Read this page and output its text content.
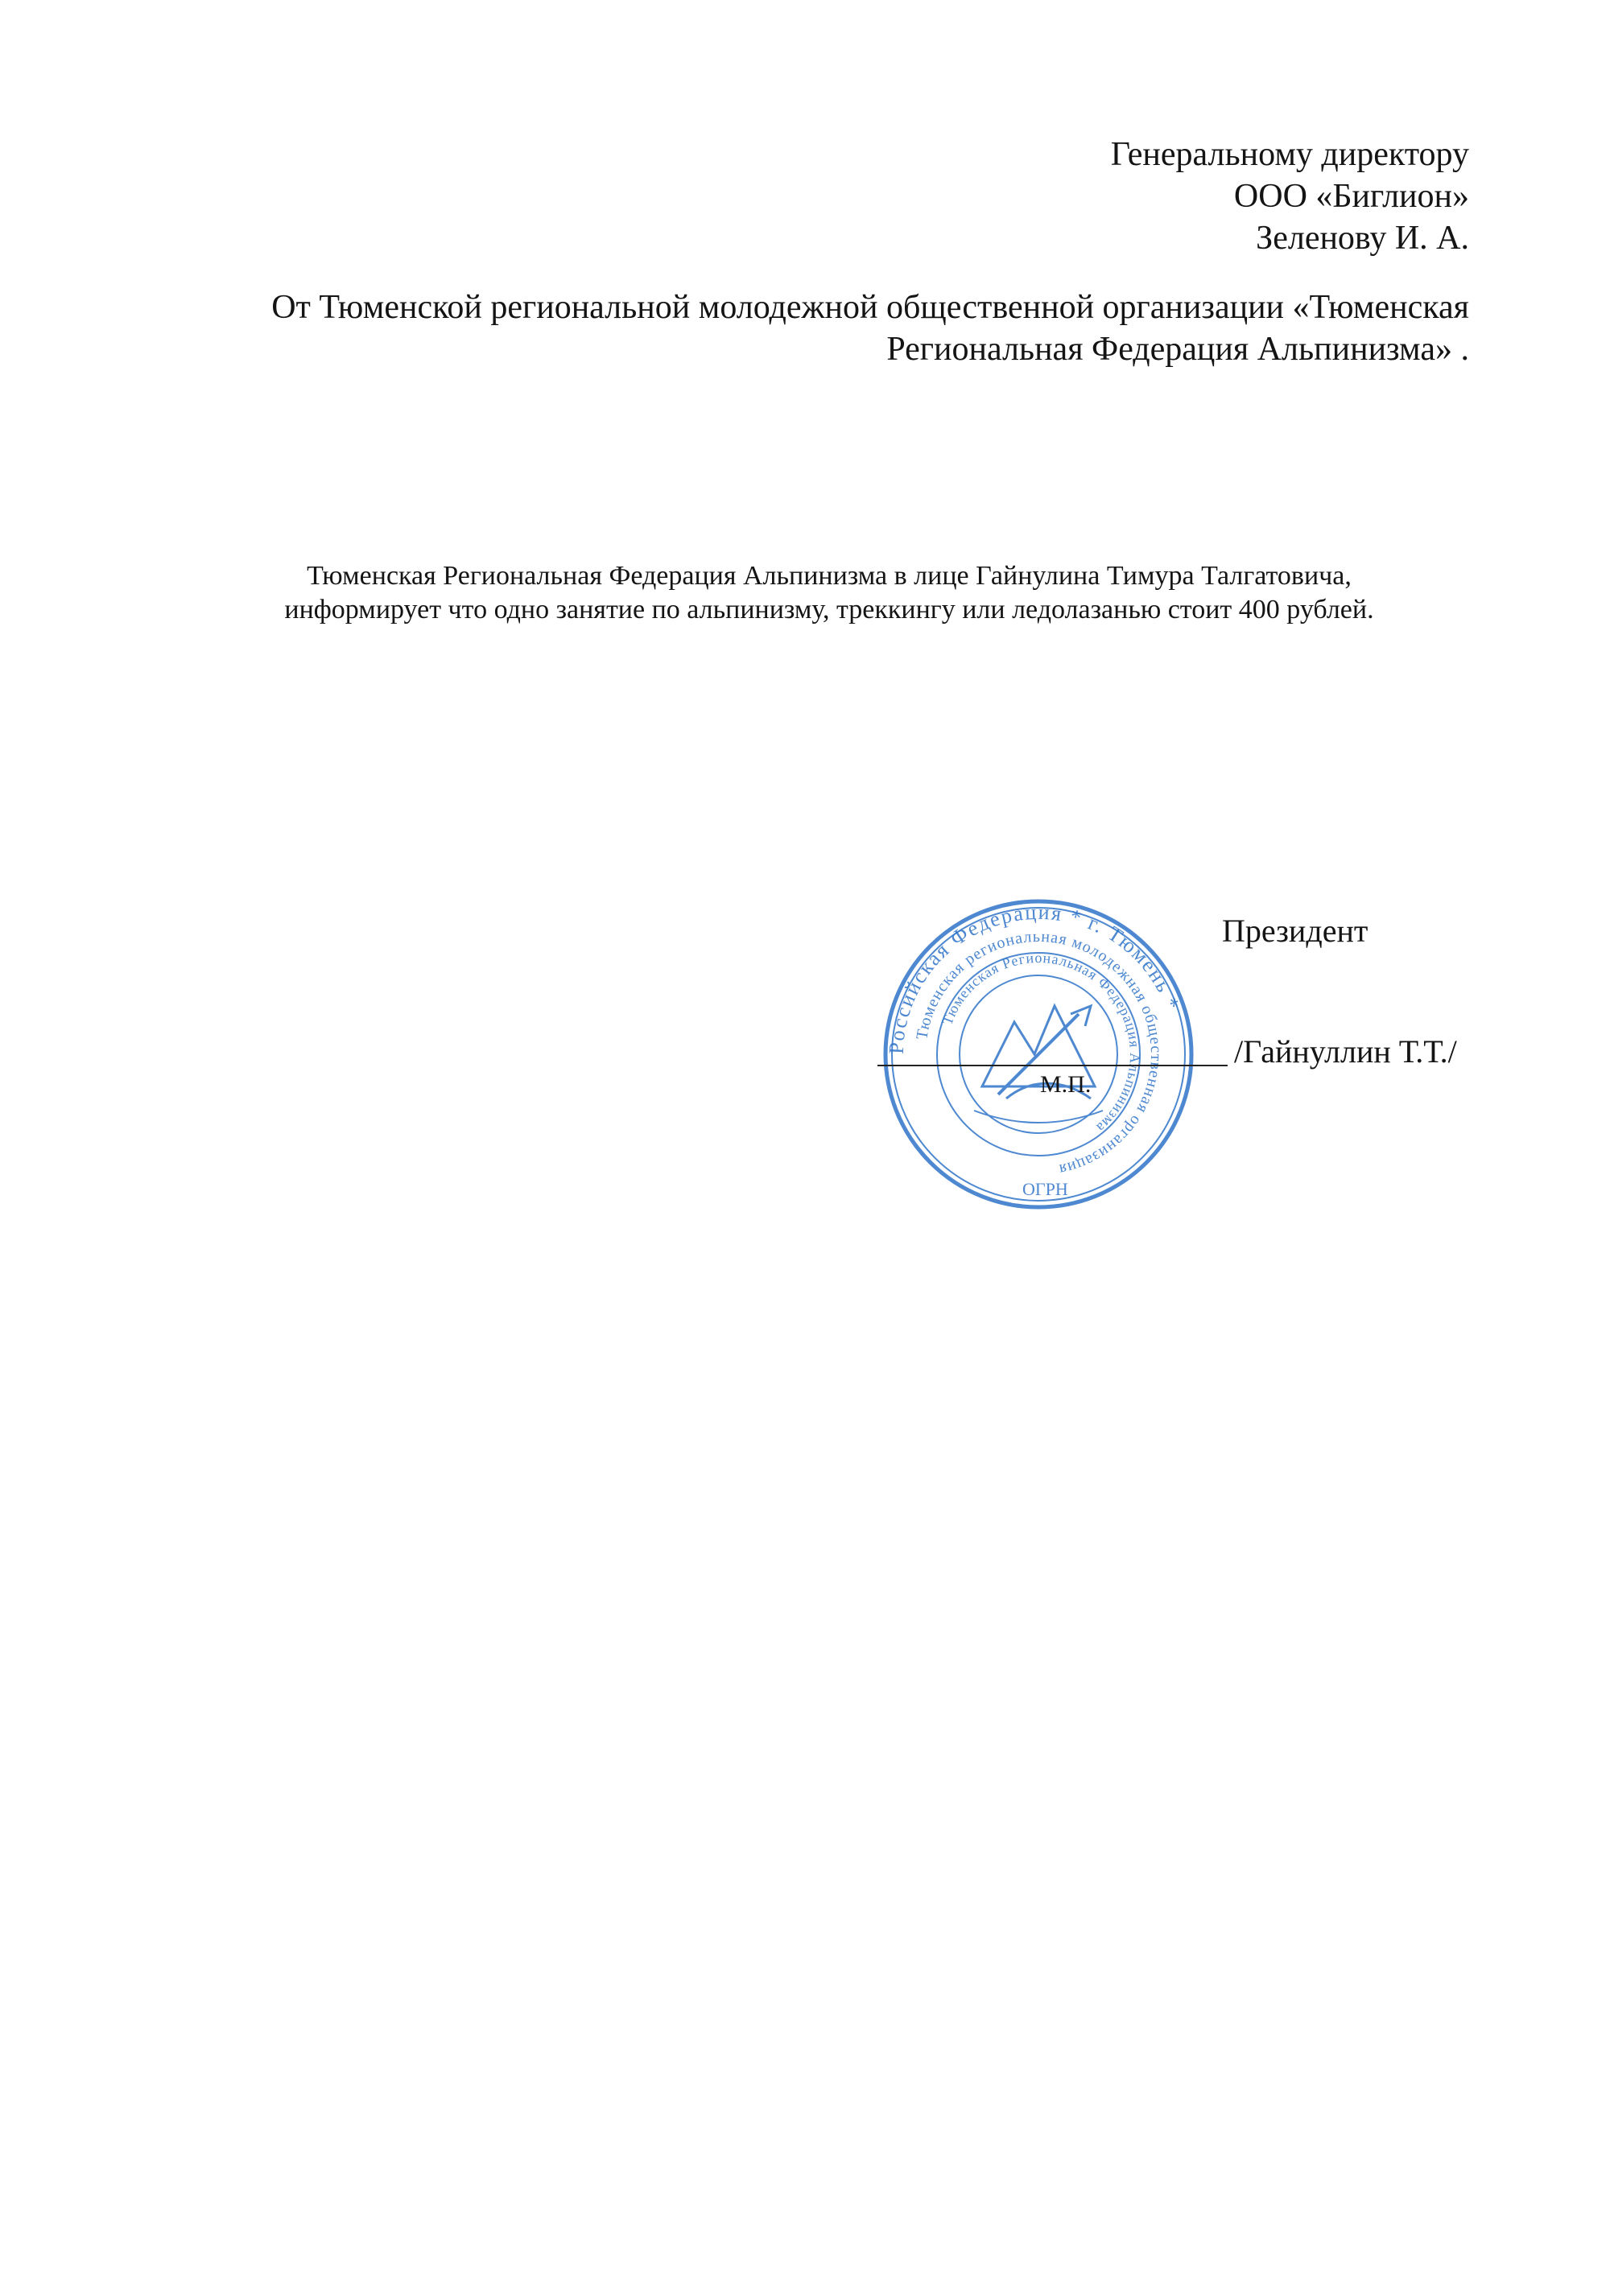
Генеральному директору
ООО «Биглион»
Зеленову И. А.
От Тюменской региональной молодежной общественной организации «Тюменская
Региональная Федерация Альпинизма» .
Тюменская Региональная Федерация Альпинизма в лице Гайнулина Тимура Талгатовича,
информирует что одно занятие по альпинизму, треккингу или ледолазанью стоит 400 рублей.
Российская Федерация * г. Тюмень *
Тюменская региональная молодежная общественная организация
Тюменская Региональная Федерация Альпинизма
ОГРН
Президент
/Гайнуллин Т.Т./
М.П.
